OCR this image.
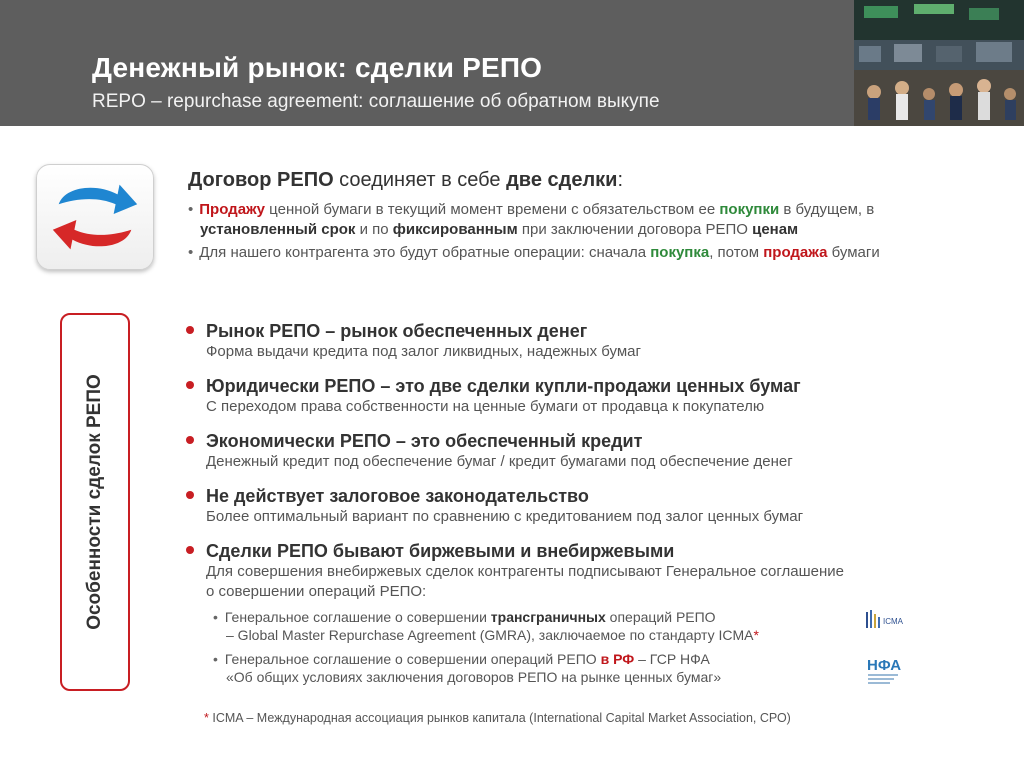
Денежный рынок: сделки РЕПО
REPO – repurchase agreement: соглашение об обратном выкупе
Договор РЕПО соединяет в себе две сделки:
• Продажу ценной бумаги в текущий момент времени с обязательством ее покупки в будущем, в
установленный срок и по фиксированным при заключении договора РЕПО ценам
• Для нашего контрагента это будут обратные операции: сначала покупка, потом продажа бумаги
Особенности сделок РЕПО
Рынок РЕПО – рынок обеспеченных денег
Форма выдачи кредита под залог ликвидных, надежных бумаг
Юридически РЕПО – это две сделки купли-продажи ценных бумаг
С переходом права собственности на ценные бумаги от продавца к покупателю
Экономически РЕПО – это обеспеченный кредит
Денежный кредит под обеспечение бумаг / кредит бумагами под обеспечение денег
Не действует залоговое законодательство
Более оптимальный вариант по сравнению с кредитованием под залог ценных бумаг
Сделки РЕПО бывают биржевыми и внебиржевыми
Для совершения внебиржевых сделок контрагенты подписывают Генеральное соглашение
о совершении операций РЕПО:
• Генеральное соглашение о совершении трансграничных операций РЕПО
– Global Master Repurchase Agreement (GMRA), заключаемое по стандарту ICMA*
• Генеральное соглашение о совершении операций РЕПО в РФ – ГСР НФА
«Об общих условиях заключения договоров РЕПО на рынке ценных бумаг»
ICMA
НФА
* ICMA – Международная ассоциация рынков капитала (International Capital Market Association, СРО)
